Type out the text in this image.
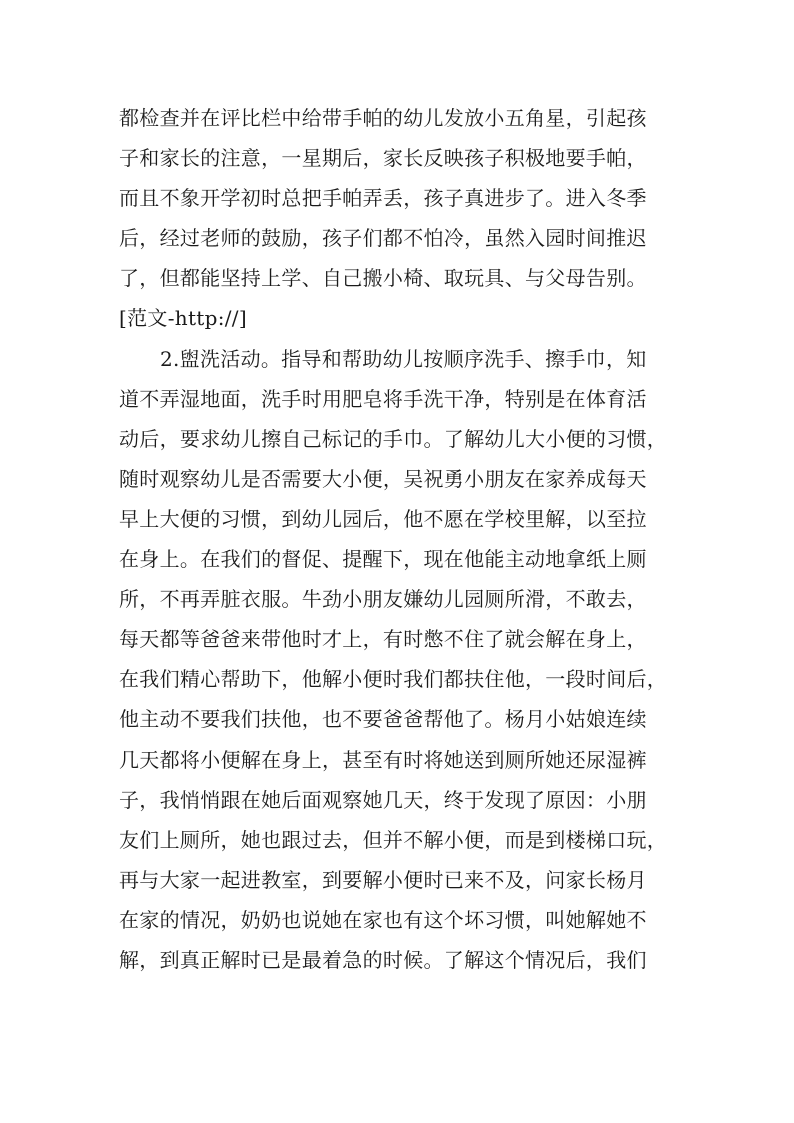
都检查并在评比栏中给带手帕的幼儿发放小五角星，引起孩
子和家长的注意，一星期后，家长反映孩子积极地要手帕，
而且不象开学初时总把手帕弄丢，孩子真进步了。进入冬季
后，经过老师的鼓励，孩子们都不怕冷，虽然入园时间推迟
了，但都能坚持上学、自己搬小椅、取玩具、与父母告别。
[范文-http://]
2.盥洗活动。指导和帮助幼儿按顺序洗手、擦手巾，知
道不弄湿地面，洗手时用肥皂将手洗干净，特别是在体育活
动后，要求幼儿擦自己标记的手巾。了解幼儿大小便的习惯，
随时观察幼儿是否需要大小便，吴祝勇小朋友在家养成每天
早上大便的习惯，到幼儿园后，他不愿在学校里解，以至拉
在身上。在我们的督促、提醒下，现在他能主动地拿纸上厕
所，不再弄脏衣服。牛劲小朋友嫌幼儿园厕所滑，不敢去，
每天都等爸爸来带他时才上，有时憋不住了就会解在身上，
在我们精心帮助下，他解小便时我们都扶住他，一段时间后，
他主动不要我们扶他，也不要爸爸帮他了。杨月小姑娘连续
几天都将小便解在身上，甚至有时将她送到厕所她还尿湿裤
子，我悄悄跟在她后面观察她几天，终于发现了原因：小朋
友们上厕所，她也跟过去，但并不解小便，而是到楼梯口玩，
再与大家一起进教室，到要解小便时已来不及，问家长杨月
在家的情况，奶奶也说她在家也有这个坏习惯，叫她解她不
解，到真正解时已是最着急的时候。了解这个情况后，我们
